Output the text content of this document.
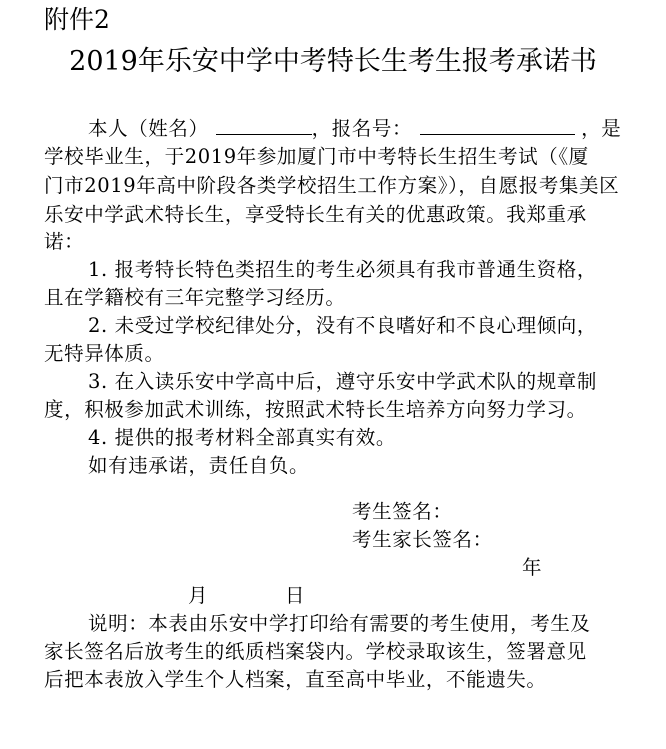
附件2
2019年乐安中学中考特长生考生报考承诺书
本人（姓名）	，报名号：	，是
学校毕业生，于2019年参加厦门市中考特长生招生考试（《厦
门市2019年高中阶段各类学校招生工作方案》），自愿报考集美区
乐安中学武术特长生，享受特长生有关的优惠政策。我郑重承
诺：
1. 报考特长特色类招生的考生必须具有我市普通生资格，
且在学籍校有三年完整学习经历。
2. 未受过学校纪律处分，没有不良嗜好和不良心理倾向，
无特异体质。
3. 在入读乐安中学高中后，遵守乐安中学武术队的规章制
度，积极参加武术训练，按照武术特长生培养方向努力学习。
4. 提供的报考材料全部真实有效。
如有违承诺，责任自负。
考生签名：
考生家长签名：
年
月	日
说明：本表由乐安中学打印给有需要的考生使用，考生及
家长签名后放考生的纸质档案袋内。学校录取该生，签署意见
后把本表放入学生个人档案，直至高中毕业，不能遗失。
